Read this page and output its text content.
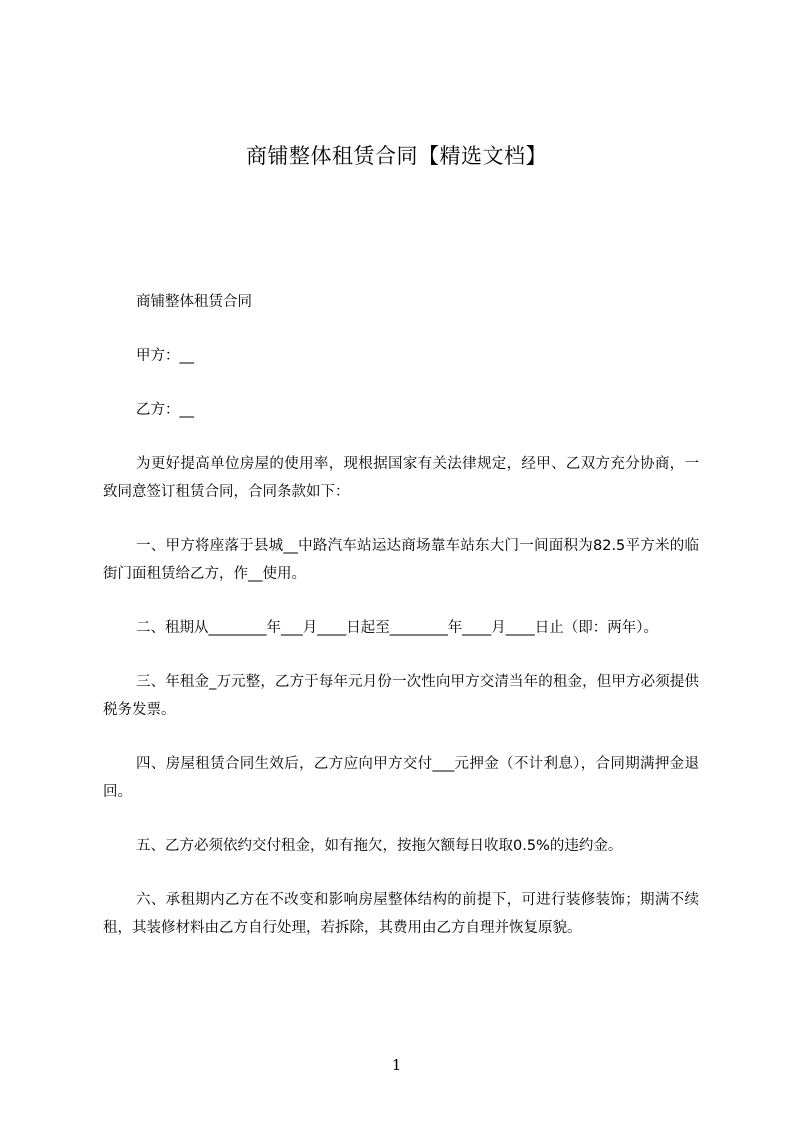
商铺整体租赁合同【精选文档】

商铺整体租赁合同

甲方：__

乙方：__

为更好提高单位房屋的使用率，现根据国家有关法律规定，经甲、乙双方充分协商，一致同意签订租赁合同，合同条款如下：

一、甲方将座落于县城__中路汽车站运达商场靠车站东大门一间面积为82.5平方米的临街门面租赁给乙方，作__使用。

二、租期从________年___月____日起至________年____月____日止（即：两年）。

三、年租金_万元整，乙方于每年元月份一次性向甲方交清当年的租金，但甲方必须提供税务发票。

四、房屋租赁合同生效后，乙方应向甲方交付___元押金（不计利息），合同期满押金退回。

五、乙方必须依约交付租金，如有拖欠，按拖欠额每日收取0.5%的违约金。

六、承租期内乙方在不改变和影响房屋整体结构的前提下，可进行装修装饰；期满不续租，其装修材料由乙方自行处理，若拆除，其费用由乙方自理并恢复原貌。

1
